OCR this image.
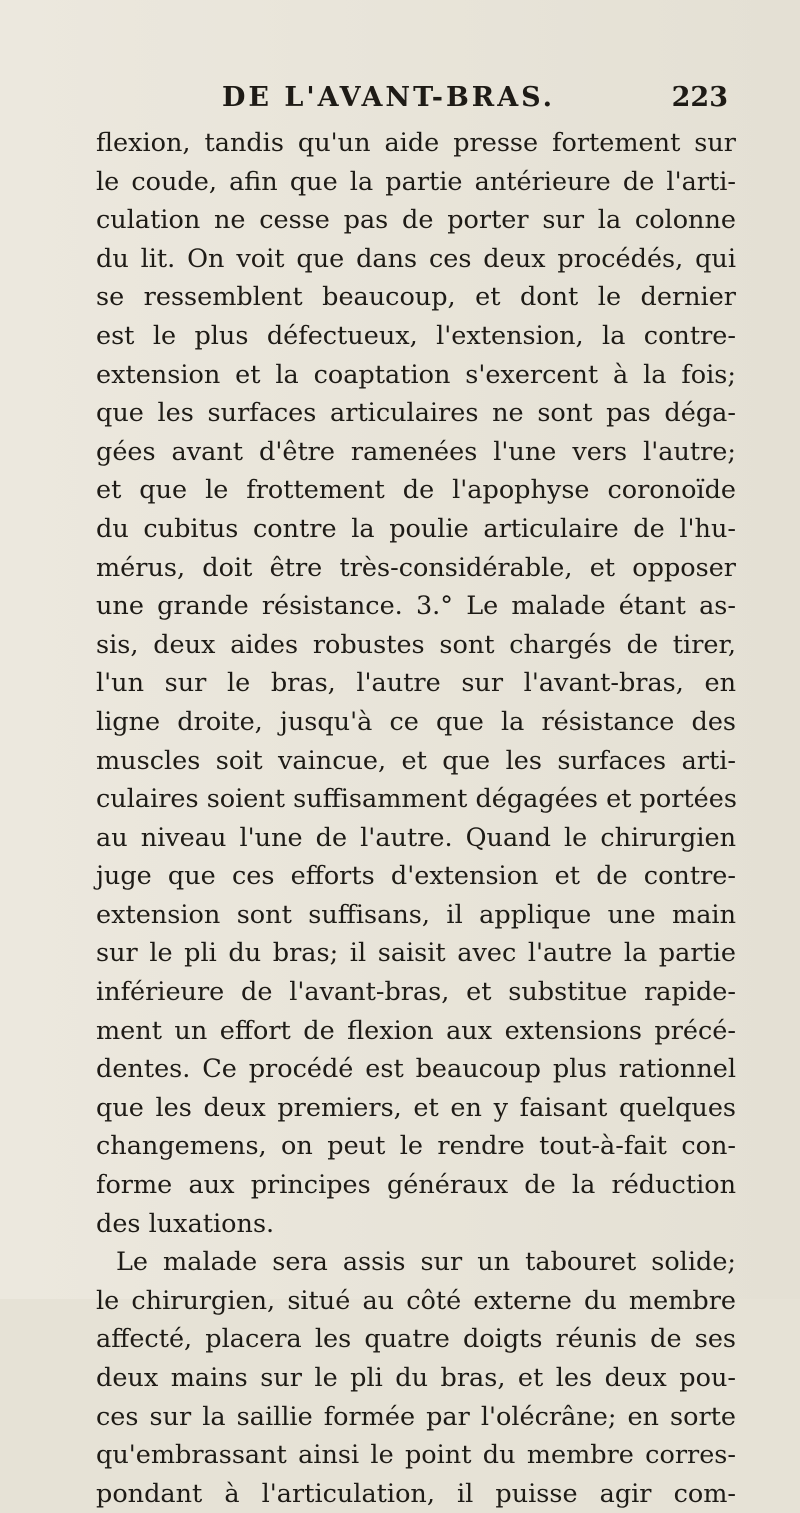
DE L'AVANT-BRAS.	223
flexion, tandis qu'un aide presse fortement sur
le coude, afin que la partie antérieure de l'arti-
culation ne cesse pas de porter sur la colonne
du lit. On voit que dans ces deux procédés, qui
se ressemblent beaucoup, et dont le dernier
est le plus défectueux, l'extension, la contre-
extension et la coaptation s'exercent à la fois;
que les surfaces articulaires ne sont pas déga-
gées avant d'être ramenées l'une vers l'autre;
et que le frottement de l'apophyse coronoïde
du cubitus contre la poulie articulaire de l'hu-
mérus, doit être très-considérable, et opposer
une grande résistance. 3.° Le malade étant as-
sis, deux aides robustes sont chargés de tirer,
l'un sur le bras, l'autre sur l'avant-bras, en
ligne droite, jusqu'à ce que la résistance des
muscles soit vaincue, et que les surfaces arti-
culaires soient suffisamment dégagées et portées
au niveau l'une de l'autre. Quand le chirurgien
juge que ces efforts d'extension et de contre-
extension sont suffisans, il applique une main
sur le pli du bras; il saisit avec l'autre la partie
inférieure de l'avant-bras, et substitue rapide-
ment un effort de flexion aux extensions précé-
dentes. Ce procédé est beaucoup plus rationnel
que les deux premiers, et en y faisant quelques
changemens, on peut le rendre tout-à-fait con-
forme aux principes généraux de la réduction
des luxations.
Le malade sera assis sur un tabouret solide;
le chirurgien, situé au côté externe du membre
affecté, placera les quatre doigts réunis de ses
deux mains sur le pli du bras, et les deux pou-
ces sur la saillie formée par l'olécrâne; en sorte
qu'embrassant ainsi le point du membre corres-
pondant à l'articulation, il puisse agir com-
